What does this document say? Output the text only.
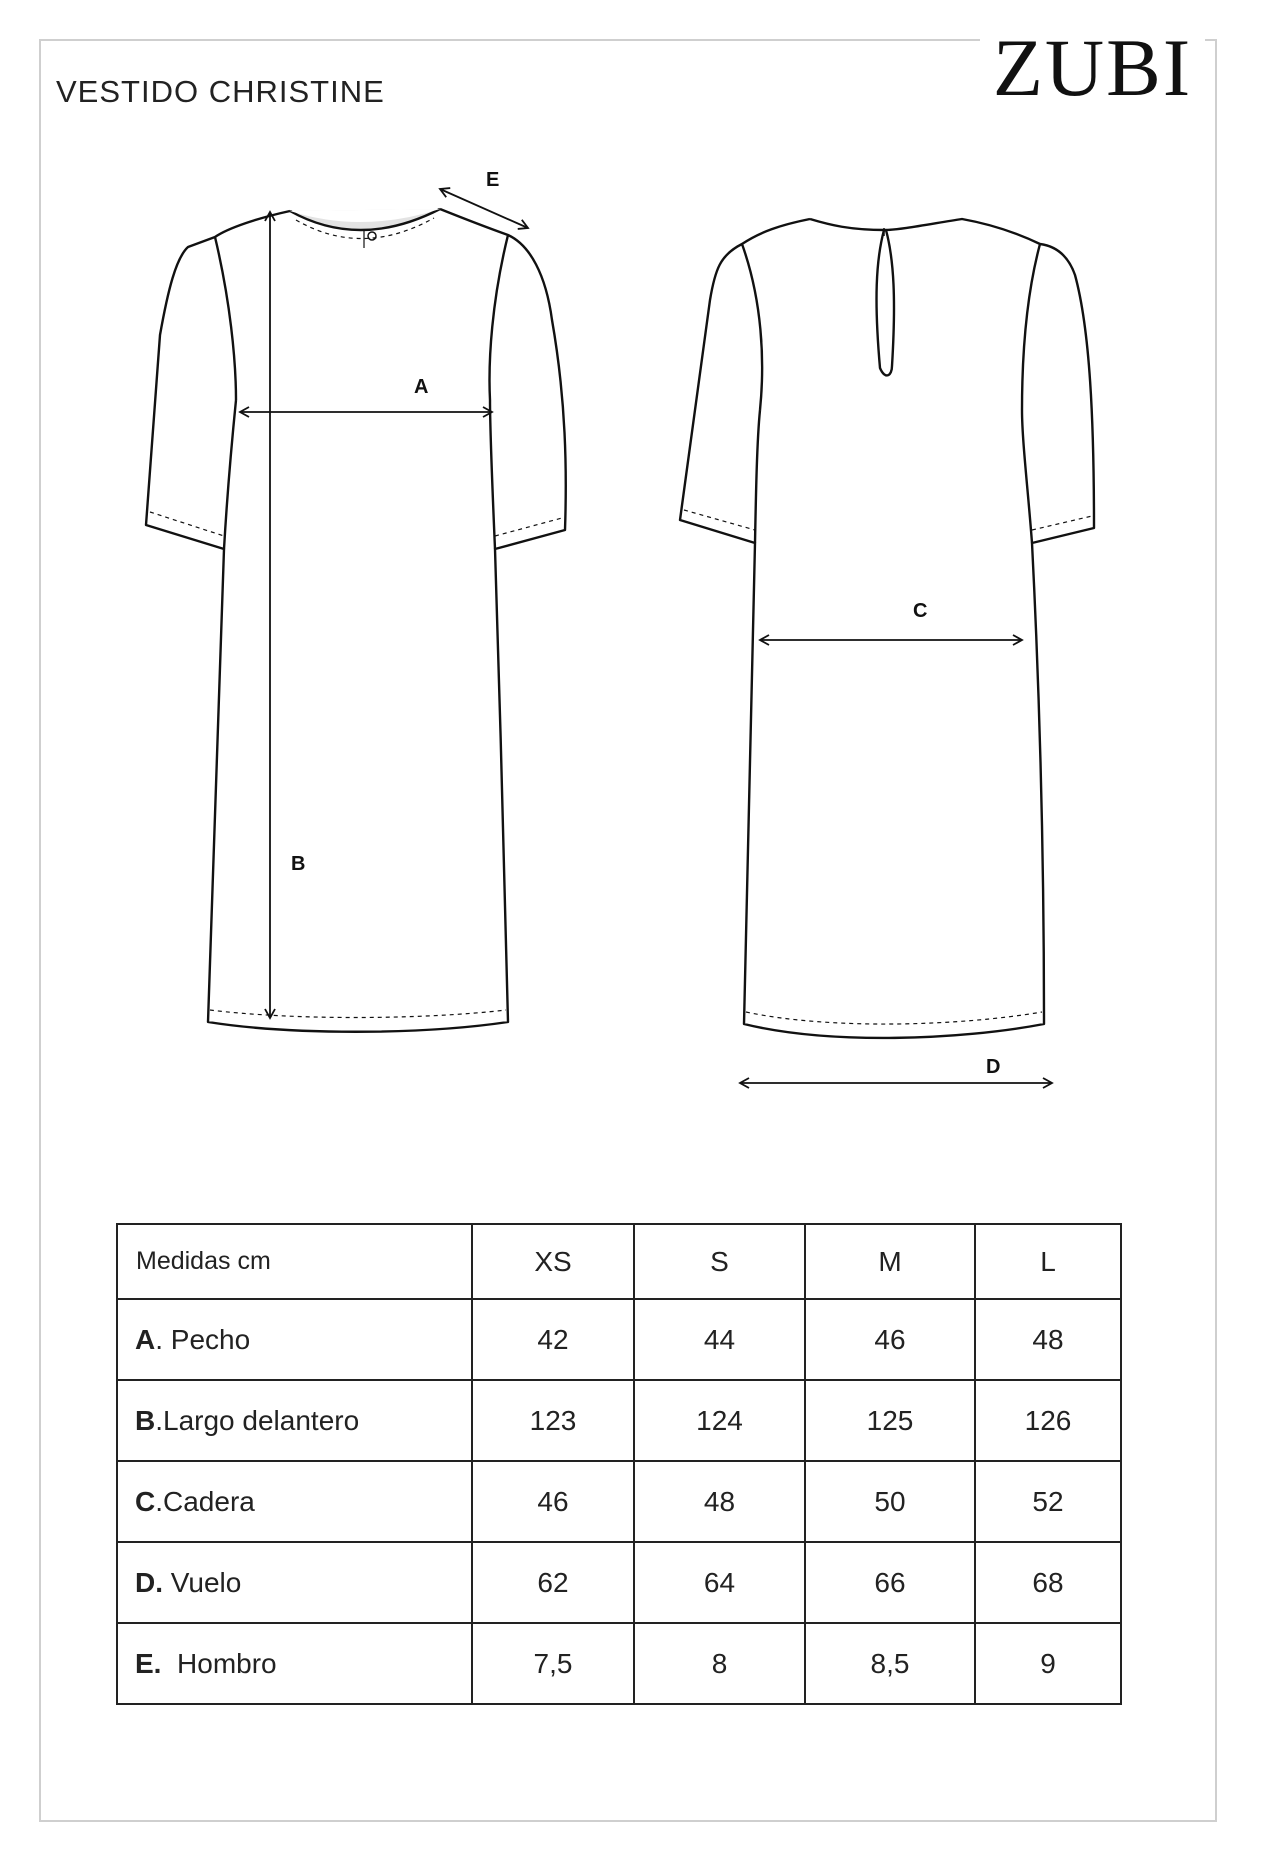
VESTIDO CHRISTINE	ZUBI
A
B
C
D
E
Medidas cm	XS	S	M	L
A. Pecho	42	44	46	48
B.Largo delantero	123	124	125	126
C.Cadera	46	48	50	52
D. Vuelo	62	64	66	68
E.  Hombro	7,5	8	8,5	9
